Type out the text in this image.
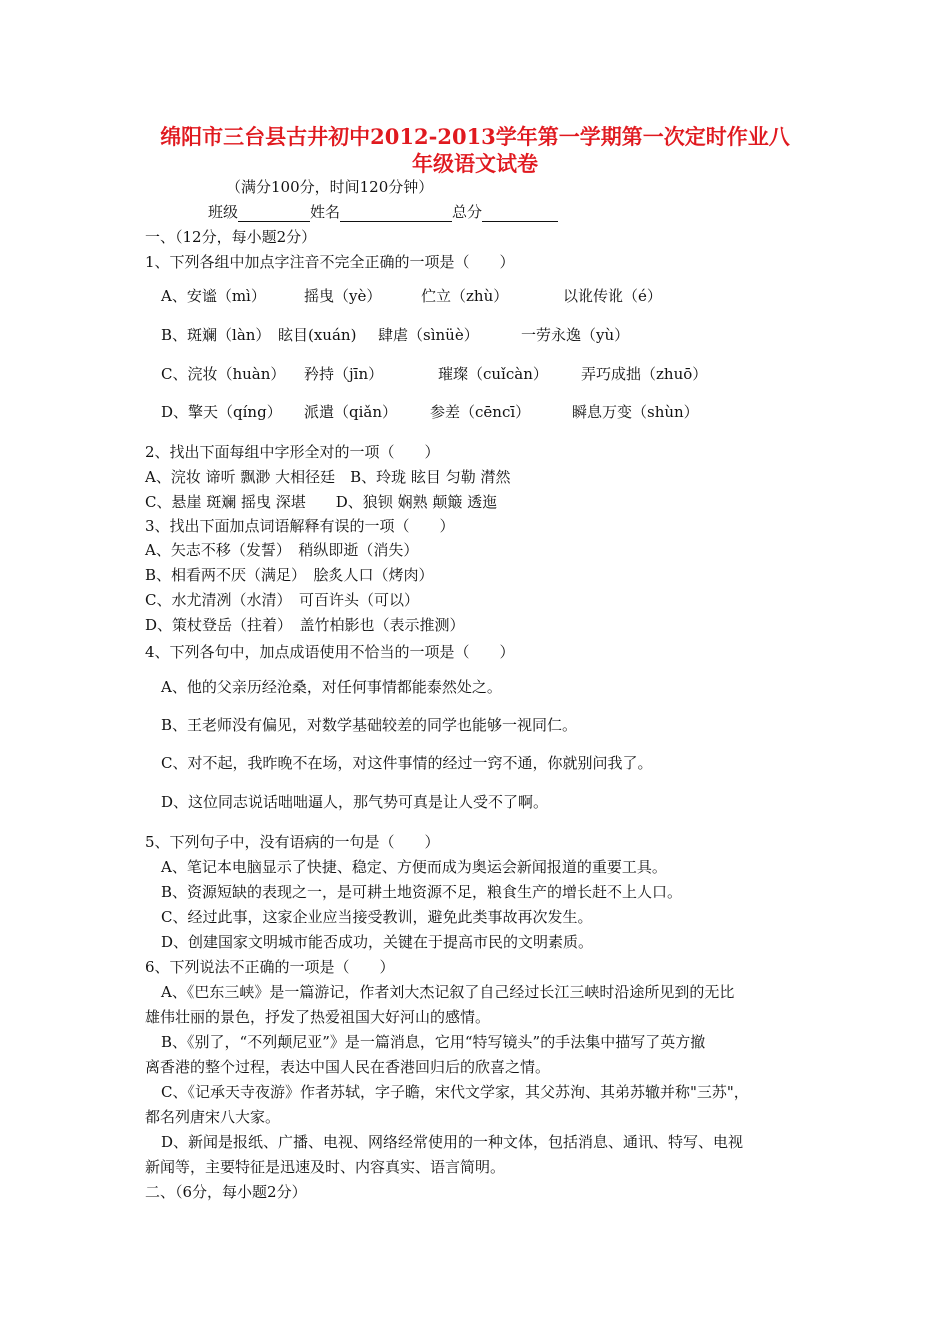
绵阳市三台县古井初中2012-2013学年第一学期第一次定时作业八
年级语文试卷
（满分100分，时间120分钟）
班级	姓名	总分
一、（12分，每小题2分）
1、下列各组中加点字注音不完全正确的一项是（　　）
A、安谧（mì）	摇曳（yè）	伫立（zhù）	以讹传讹（é）
B、斑斓（làn） 眩目(xuán) 肆虐（sìnüè）	一劳永逸（yù）
C、浣妆（huàn） 矜持（jīn）	璀璨（cuǐcàn） 弄巧成拙（zhuō）
D、擎天（qíng） 派遣（qiǎn） 参差（cēncī）	瞬息万变（shùn）
2、找出下面每组中字形全对的一项（　　）
A、浣妆 谛听 飘渺 大相径廷　B、玲珑 眩目 匀勒 潸然
C、悬崖 斑斓 摇曳 深堪　　D、狼钡 娴熟 颠簸 透迤
3、找出下面加点词语解释有误的一项（　　）
A、矢志不移（发誓）　稍纵即逝（消失）
B、相看两不厌（满足）　脍炙人口（烤肉）
C、水尤清冽（水清）　可百许头（可以）
D、策杖登岳（拄着）　盖竹柏影也（表示推测）
4、下列各句中，加点成语使用不恰当的一项是（　　）
A、他的父亲历经沧桑，对任何事情都能泰然处之。
B、王老师没有偏见，对数学基础较差的同学也能够一视同仁。
C、对不起，我昨晚不在场，对这件事情的经过一窍不通，你就别问我了。
D、这位同志说话咄咄逼人，那气势可真是让人受不了啊。
5、下列句子中，没有语病的一句是（　　）
A、笔记本电脑显示了快捷、稳定、方便而成为奥运会新闻报道的重要工具。
B、资源短缺的表现之一，是可耕土地资源不足，粮食生产的增长赶不上人口。
C、经过此事，这家企业应当接受教训，避免此类事故再次发生。
D、创建国家文明城市能否成功，关键在于提高市民的文明素质。
6、下列说法不正确的一项是（　　）
A、《巴东三峡》是一篇游记，作者刘大杰记叙了自己经过长江三峡时沿途所见到的无比
雄伟壮丽的景色，抒发了热爱祖国大好河山的感情。
B、《别了，“不列颠尼亚”》是一篇消息，它用“特写镜头”的手法集中描写了英方撤
离香港的整个过程，表达中国人民在香港回归后的欣喜之情。
C、《记承天寺夜游》作者苏轼，字子瞻，宋代文学家，其父苏洵、其弟苏辙并称"三苏"，
都名列唐宋八大家。
D、新闻是报纸、广播、电视、网络经常使用的一种文体，包括消息、通讯、特写、电视
新闻等，主要特征是迅速及时、内容真实、语言简明。
二、（6分，每小题2分）
